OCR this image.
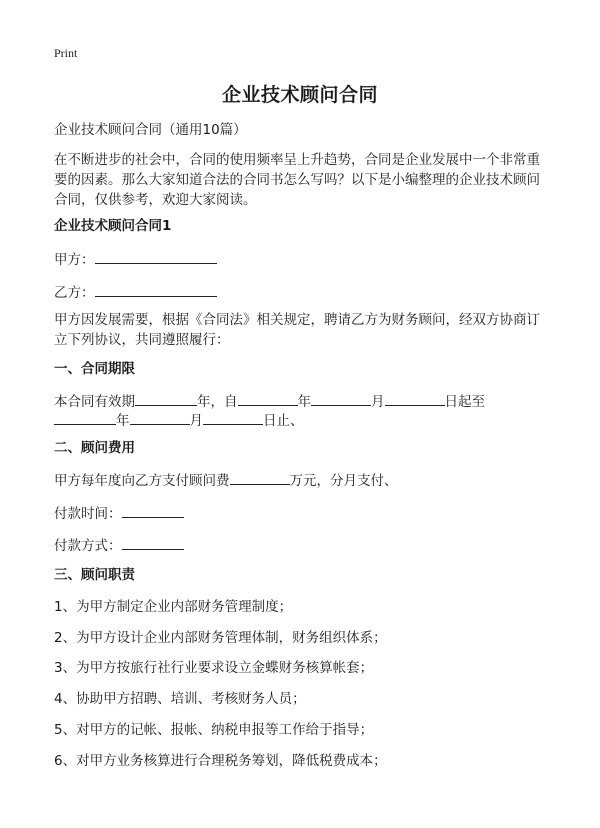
Print
企业技术顾问合同
企业技术顾问合同（通用10篇）
在不断进步的社会中，合同的使用频率呈上升趋势，合同是企业发展中一个非常重要的因素。那么大家知道合法的合同书怎么写吗？以下是小编整理的企业技术顾问合同，仅供参考，欢迎大家阅读。
企业技术顾问合同1
甲方：
乙方：
甲方因发展需要，根据《合同法》相关规定，聘请乙方为财务顾问，经双方协商订立下列协议，共同遵照履行：
一、合同期限
本合同有效期	年，自	年	月	日起至
年	月	日止、
二、顾问费用
甲方每年度向乙方支付顾问费	万元，分月支付、
付款时间：
付款方式：
三、顾问职责
1、为甲方制定企业内部财务管理制度；
2、为甲方设计企业内部财务管理体制，财务组织体系；
3、为甲方按旅行社行业要求设立金蝶财务核算帐套；
4、协助甲方招聘、培训、考核财务人员；
5、对甲方的记帐、报帐、纳税申报等工作给于指导；
6、对甲方业务核算进行合理税务筹划，降低税费成本；
